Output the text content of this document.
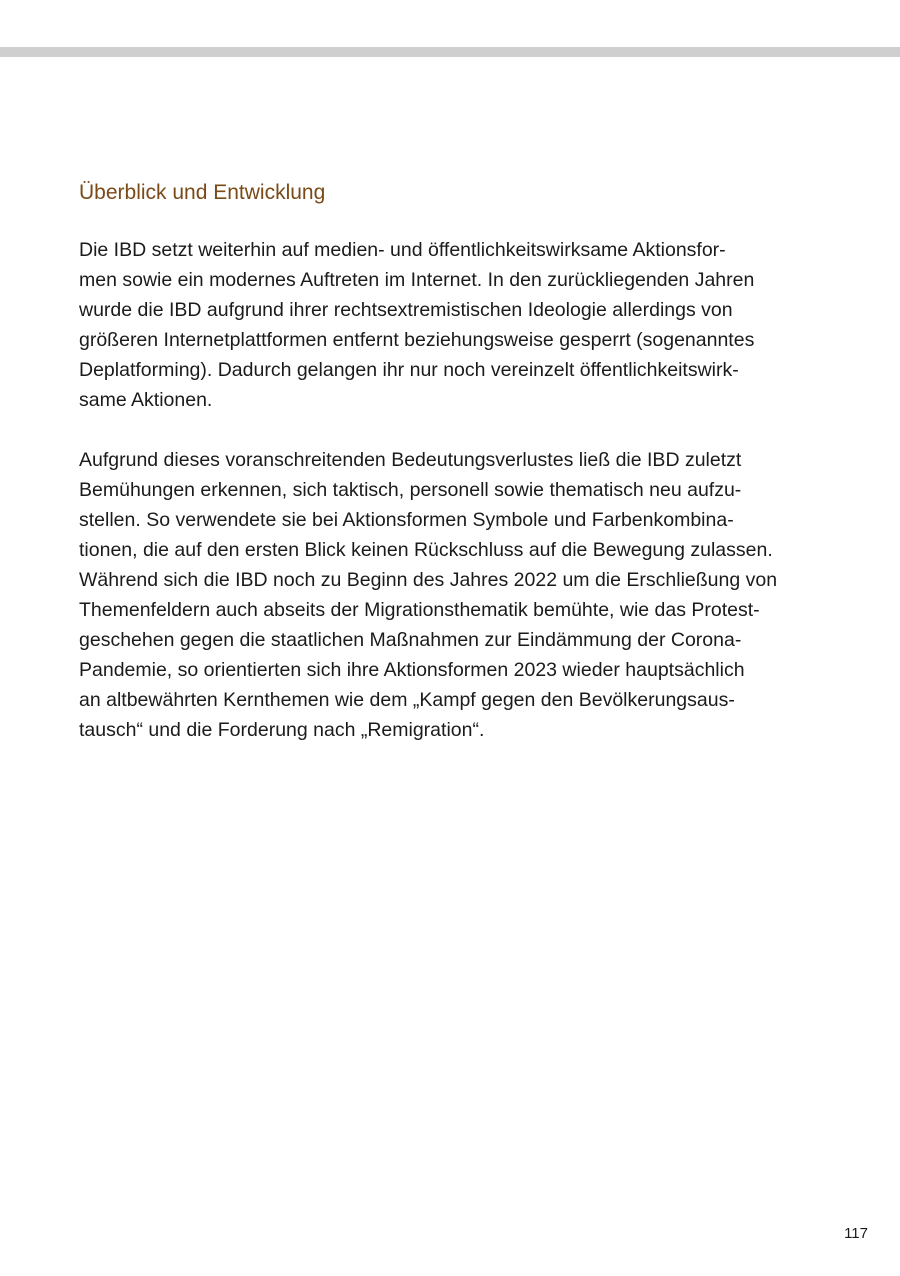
Überblick und Entwicklung

Die IBD setzt weiterhin auf medien- und öffentlichkeitswirksame Aktionsfor-
men sowie ein modernes Auftreten im Internet. In den zurückliegenden Jahren
wurde die IBD aufgrund ihrer rechtsextremistischen Ideologie allerdings von
größeren Internetplattformen entfernt beziehungsweise gesperrt (sogenanntes
Deplatforming). Dadurch gelangen ihr nur noch vereinzelt öffentlichkeitswirk-
same Aktionen.

Aufgrund dieses voranschreitenden Bedeutungsverlustes ließ die IBD zuletzt
Bemühungen erkennen, sich taktisch, personell sowie thematisch neu aufzu-
stellen. So verwendete sie bei Aktionsformen Symbole und Farbenkombina-
tionen, die auf den ersten Blick keinen Rückschluss auf die Bewegung zulassen.
Während sich die IBD noch zu Beginn des Jahres 2022 um die Erschließung von
Themenfeldern auch abseits der Migrationsthematik bemühte, wie das Protest-
geschehen gegen die staatlichen Maßnahmen zur Eindämmung der Corona-
Pandemie, so orientierten sich ihre Aktionsformen 2023 wieder hauptsächlich
an altbewährten Kernthemen wie dem „Kampf gegen den Bevölkerungsaus-
tausch“ und die Forderung nach „Remigration“.

117
